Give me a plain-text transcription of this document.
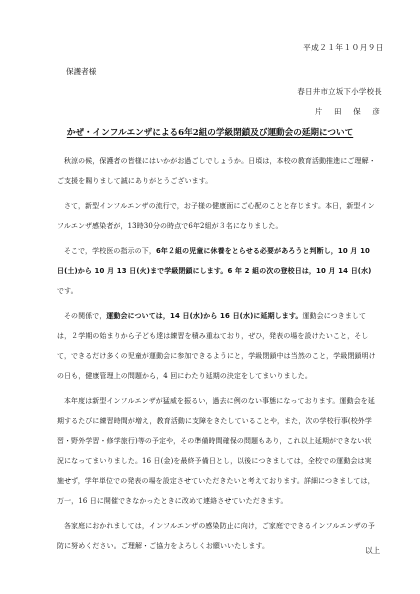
平成２１年１０月９日
保護者様
春日井市立坂下小学校長
片　田　保　彦
かぜ・インフルエンザによる6年2組の学級閉鎖及び運動会の延期について

秋涼の候，保護者の皆様にはいかがお過ごしでしょうか。日頃は，本校の教育活動推進にご理解・ご支援を賜りまして誠にありがとうございます。

さて，新型インフルエンザの流行で，お子様の健康面にご心配のことと存じます。本日，新型インフルエンザ感染者が，13時30分の時点で6年2組が３名になりました。

そこで，学校医の指示の下，6年２組の児童に休養をとらせる必要があろうと判断し，10 月 10 日(土)から 10 月 13 日(火)まで学級閉鎖にします。6 年 2 組の次の登校日は，10 月 14 日(水)です。

その関係で，運動会については，14 日(水)から 16 日(水)に延期します。運動会につきましては，２学期の始まりから子ども達は練習を積み重ねており，ぜひ，発表の場を設けたいこと，そして，できるだけ多くの児童が運動会に参加できるようにと，学級閉鎖中は当然のこと，学級閉鎖明けの日も，健康管理上の問題から，4 回にわたり延期の決定をしてまいりました。

本年度は新型インフルエンザが猛威を振るい，過去に例のない事態になっております。運動会を延期するたびに練習時間が増え，教育活動に支障をきたしていることや，また，次の学校行事(校外学習・野外学習・修学旅行)等の予定や，その準備時間確保の問題もあり，これ以上延期ができない状況になってまいりました。16 日(金)を最終予備日とし，以後につきましては，全校での運動会は実施せず，学年単位での発表の場を設定させていただきたいと考えております。詳細につきましては，万一，16 日に開催できなかったときに改めて連絡させていただきます。

各家庭におかれましては，インフルエンザの感染防止に向け，ご家庭でできるインフルエンザの予防に努めください。ご理解・ご協力をよろしくお願いいたします。	以上
